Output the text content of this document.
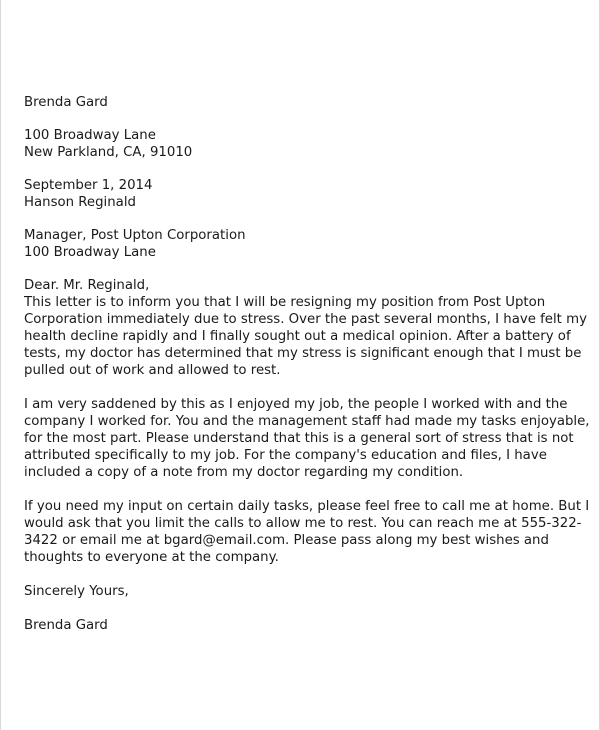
Brenda Gard
100 Broadway Lane
New Parkland, CA, 91010
September 1, 2014
Hanson Reginald
Manager, Post Upton Corporation
100 Broadway Lane
Dear. Mr. Reginald,
This letter is to inform you that I will be resigning my position from Post Upton
Corporation immediately due to stress. Over the past several months, I have felt my
health decline rapidly and I finally sought out a medical opinion. After a battery of
tests, my doctor has determined that my stress is significant enough that I must be
pulled out of work and allowed to rest.
I am very saddened by this as I enjoyed my job, the people I worked with and the
company I worked for. You and the management staff had made my tasks enjoyable,
for the most part. Please understand that this is a general sort of stress that is not
attributed specifically to my job. For the company's education and files, I have
included a copy of a note from my doctor regarding my condition.
If you need my input on certain daily tasks, please feel free to call me at home. But I
would ask that you limit the calls to allow me to rest. You can reach me at 555-322-
3422 or email me at bgard@email.com. Please pass along my best wishes and
thoughts to everyone at the company.
Sincerely Yours,
Brenda Gard
